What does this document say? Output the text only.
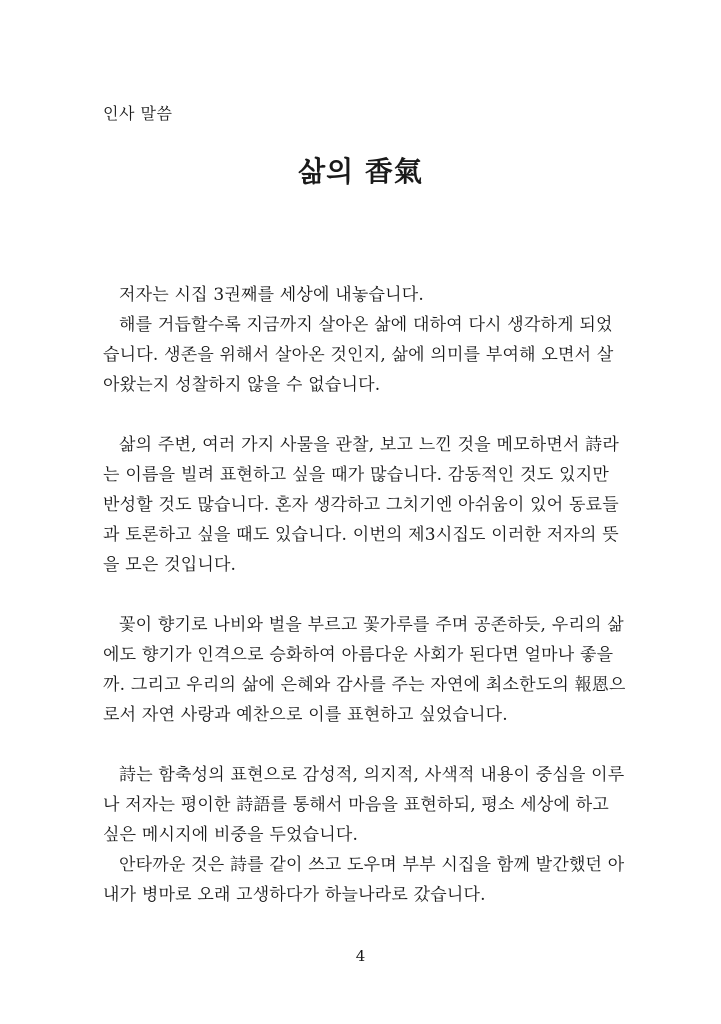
인사 말씀
삶의 香氣

저자는 시집 3권째를 세상에 내놓습니다.

해를 거듭할수록 지금까지 살아온 삶에 대하여 다시 생각하게 되었
습니다. 생존을 위해서 살아온 것인지, 삶에 의미를 부여해 오면서 살
아왔는지 성찰하지 않을 수 없습니다.

삶의 주변, 여러 가지 사물을 관찰, 보고 느낀 것을 메모하면서 詩라
는 이름을 빌려 표현하고 싶을 때가 많습니다. 감동적인 것도 있지만
반성할 것도 많습니다. 혼자 생각하고 그치기엔 아쉬움이 있어 동료들
과 토론하고 싶을 때도 있습니다. 이번의 제3시집도 이러한 저자의 뜻
을 모은 것입니다.

꽃이 향기로 나비와 벌을 부르고 꽃가루를 주며 공존하듯, 우리의 삶
에도 향기가 인격으로 승화하여 아름다운 사회가 된다면 얼마나 좋을
까. 그리고 우리의 삶에 은혜와 감사를 주는 자연에 최소한도의 報恩으
로서 자연 사랑과 예찬으로 이를 표현하고 싶었습니다.

詩는 함축성의 표현으로 감성적, 의지적, 사색적 내용이 중심을 이루
나 저자는 평이한 詩語를 통해서 마음을 표현하되, 평소 세상에 하고
싶은 메시지에 비중을 두었습니다.

안타까운 것은 詩를 같이 쓰고 도우며 부부 시집을 함께 발간했던 아
내가 병마로 오래 고생하다가 하늘나라로 갔습니다.

4
